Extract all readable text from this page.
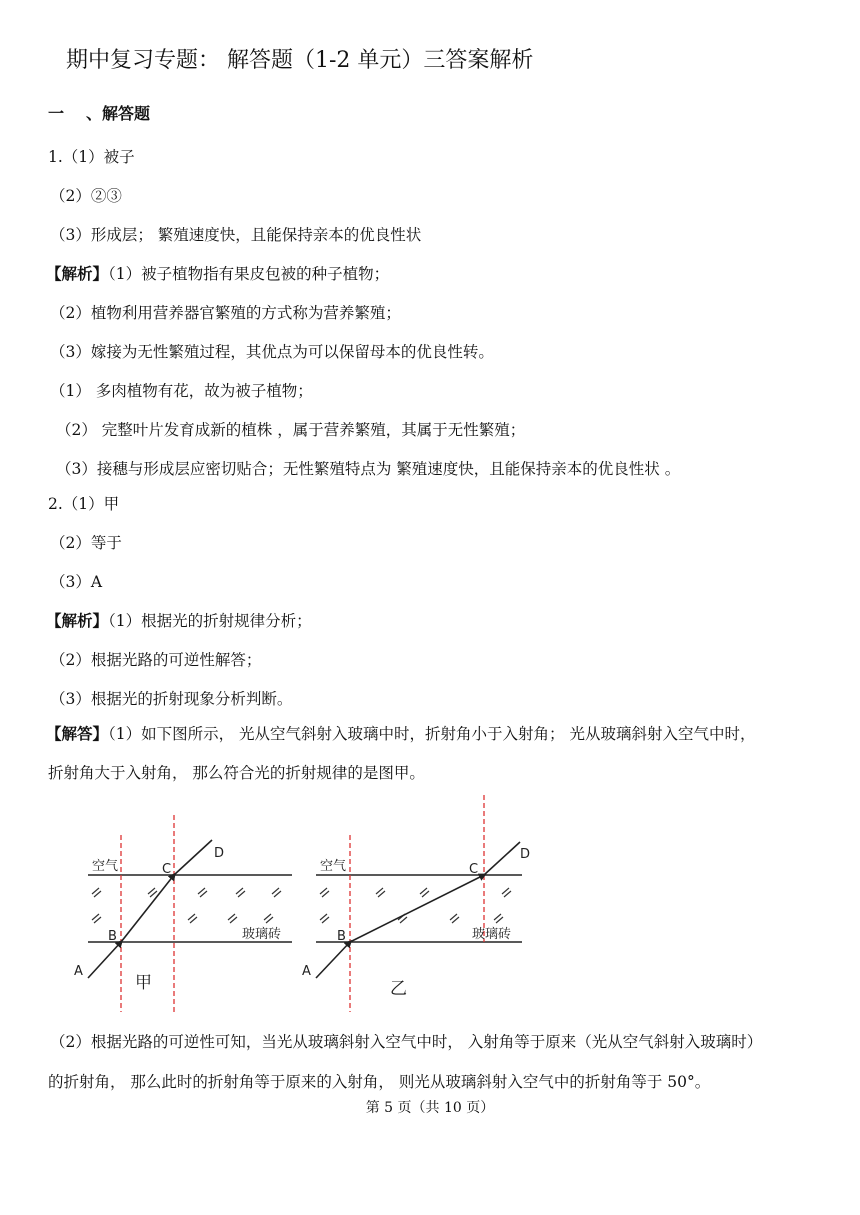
期中复习专题： 解答题（1-2 单元）三答案解析
一 、解答题
1.（1）被子
（2）②③
（3）形成层； 繁殖速度快，且能保持亲本的优良性状
【解析】（1）被子植物指有果皮包被的种子植物；
（2）植物利用营养器官繁殖的方式称为营养繁殖；
（3）嫁接为无性繁殖过程，其优点为可以保留母本的优良性转。
（1） 多肉植物有花，故为被子植物；
（2） 完整叶片发育成新的植株 ，属于营养繁殖，其属于无性繁殖；
（3）接穗与形成层应密切贴合；无性繁殖特点为 繁殖速度快，且能保持亲本的优良性状 。
2.（1）甲
（2）等于
（3）A
【解析】（1）根据光的折射规律分析；
（2）根据光路的可逆性解答；
（3）根据光的折射现象分析判断。
【解答】（1）如下图所示， 光从空气斜射入玻璃中时，折射角小于入射角； 光从玻璃斜射入空气中时，
折射角大于入射角， 那么符合光的折射规律的是图甲。
空气
玻璃砖
A
B
C
D
甲
空气
玻璃砖
A
B
C
D
乙
（2）根据光路的可逆性可知，当光从玻璃斜射入空气中时， 入射角等于原来（光从空气斜射入玻璃时）
的折射角， 那么此时的折射角等于原来的入射角， 则光从玻璃斜射入空气中的折射角等于 50°。
第 5 页（共 10 页）
